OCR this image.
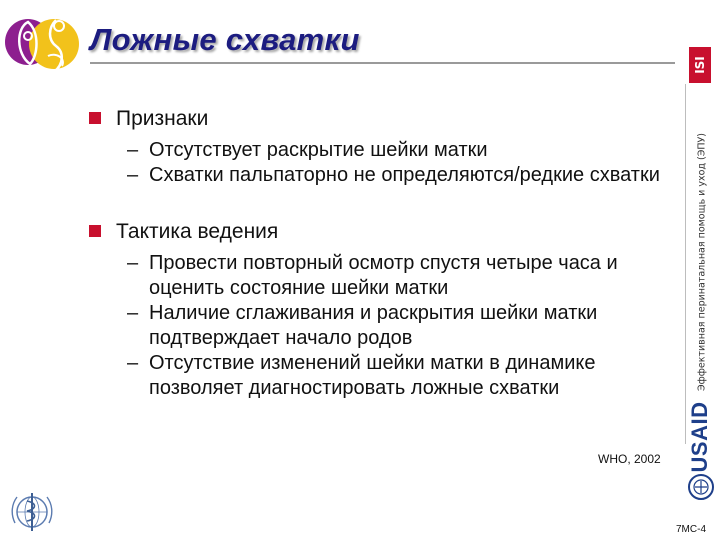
Ложные схватки
ISI
Эффективная перинатальная помощь и уход (ЭПУ)
USAID
Признаки
– Отсутствует раскрытие шейки матки
– Схватки пальпаторно не определяются/редкие схватки
Тактика ведения
– Провести повторный осмотр спустя четыре часа и оценить состояние шейки матки
– Наличие сглаживания и раскрытия шейки матки подтверждает начало родов
– Отсутствие изменений шейки матки в динамике позволяет диагностировать ложные схватки
WHO, 2002
7MC-4
